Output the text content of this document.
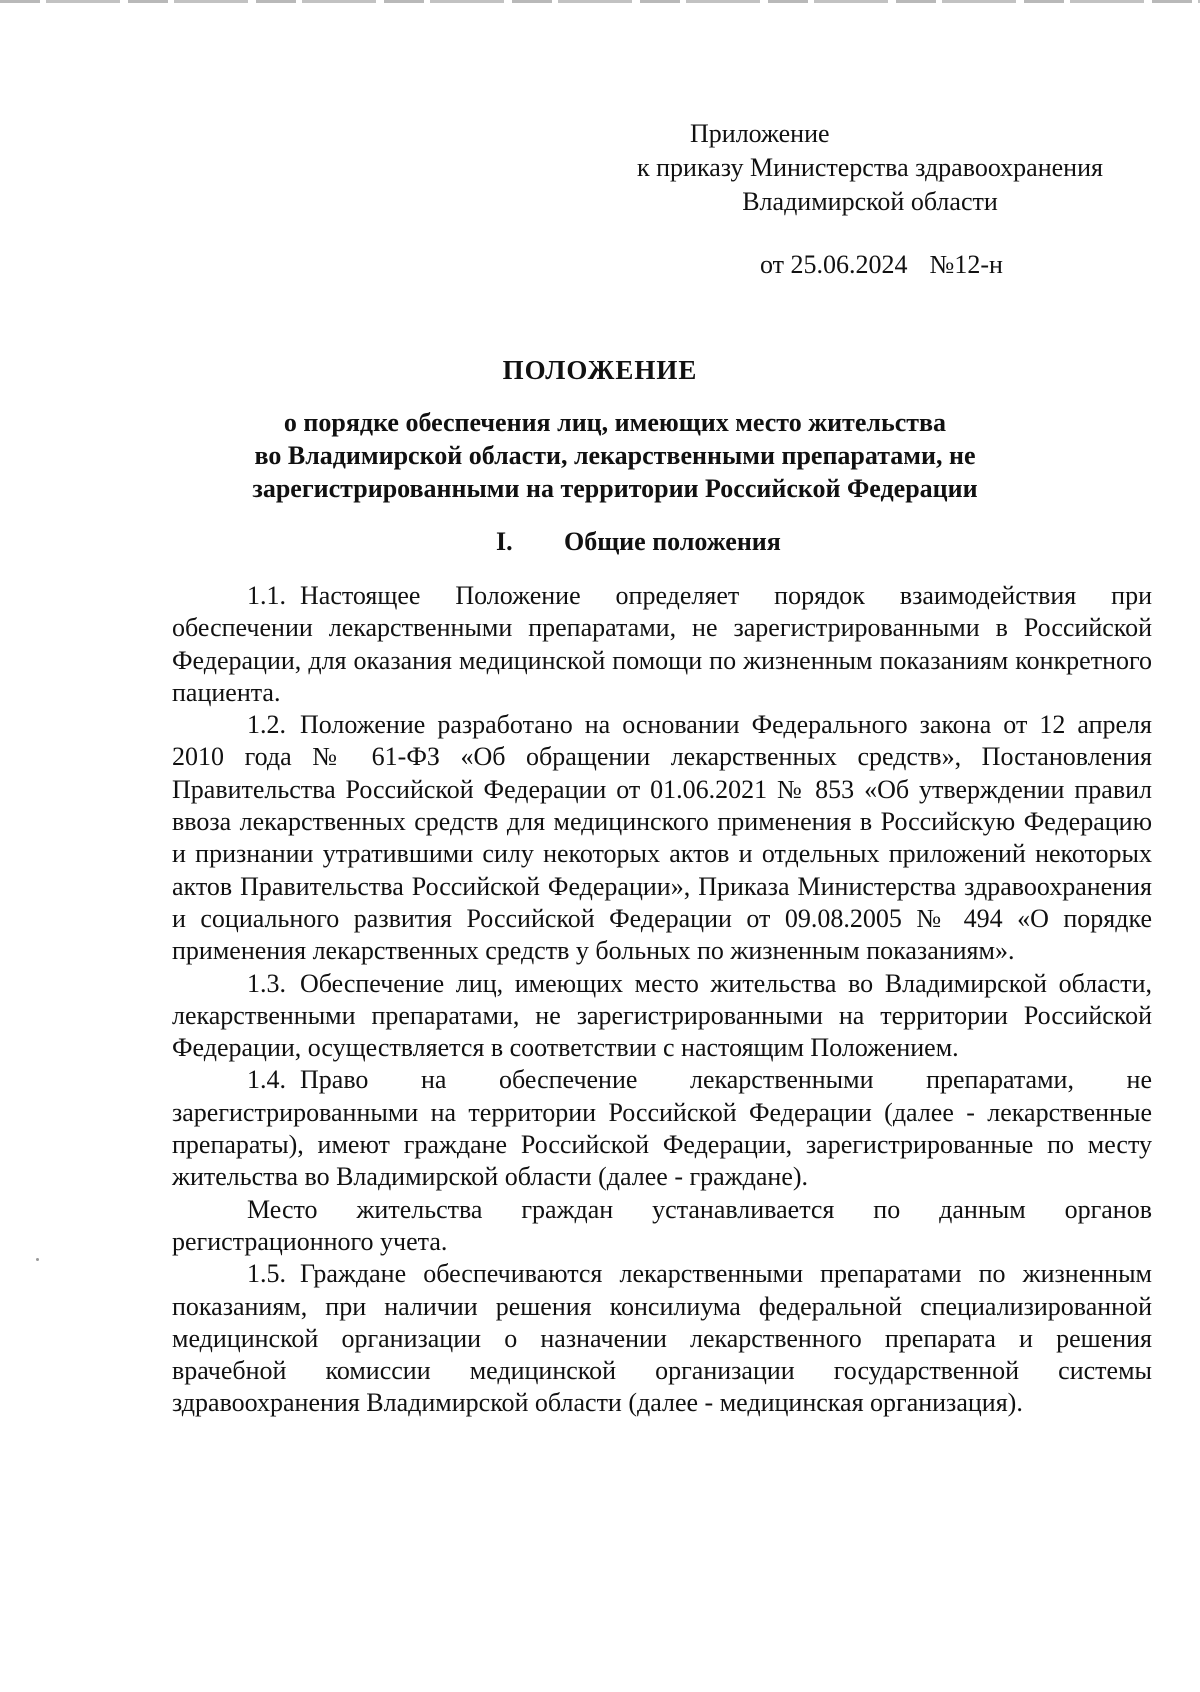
Приложение
к приказу Министерства здравоохранения
Владимирской области
от 25.06.2024 №12-н
ПОЛОЖЕНИЕ
о порядке обеспечения лиц, имеющих место жительства
во Владимирской области, лекарственными препаратами, не
зарегистрированными на территории Российской Федерации
I. Общие положения

1.1. Настоящее Положение определяет порядок взаимодействия при обеспечении лекарственными препаратами, не зарегистрированными в Российской Федерации, для оказания медицинской помощи по жизненным показаниям конкретного пациента.

1.2. Положение разработано на основании Федерального закона от 12 апреля 2010 года № 61-ФЗ «Об обращении лекарственных средств», Постановления Правительства Российской Федерации от 01.06.2021 № 853 «Об утверждении правил ввоза лекарственных средств для медицинского применения в Российскую Федерацию и признании утратившими силу некоторых актов и отдельных приложений некоторых актов Правительства Российской Федерации», Приказа Министерства здравоохранения и социального развития Российской Федерации от 09.08.2005 № 494 «О порядке применения лекарственных средств у больных по жизненным показаниям».

1.3. Обеспечение лиц, имеющих место жительства во Владимирской области, лекарственными препаратами, не зарегистрированными на территории Российской Федерации, осуществляется в соответствии с настоящим Положением.

1.4. Право на обеспечение лекарственными препаратами, не зарегистрированными на территории Российской Федерации (далее - лекарственные препараты), имеют граждане Российской Федерации, зарегистрированные по месту жительства во Владимирской области (далее - граждане).

Место жительства граждан устанавливается по данным органов регистрационного учета.

1.5. Граждане обеспечиваются лекарственными препаратами по жизненным показаниям, при наличии решения консилиума федеральной специализированной медицинской организации о назначении лекарственного препарата и решения врачебной комиссии медицинской организации государственной системы здравоохранения Владимирской области (далее - медицинская организация).
